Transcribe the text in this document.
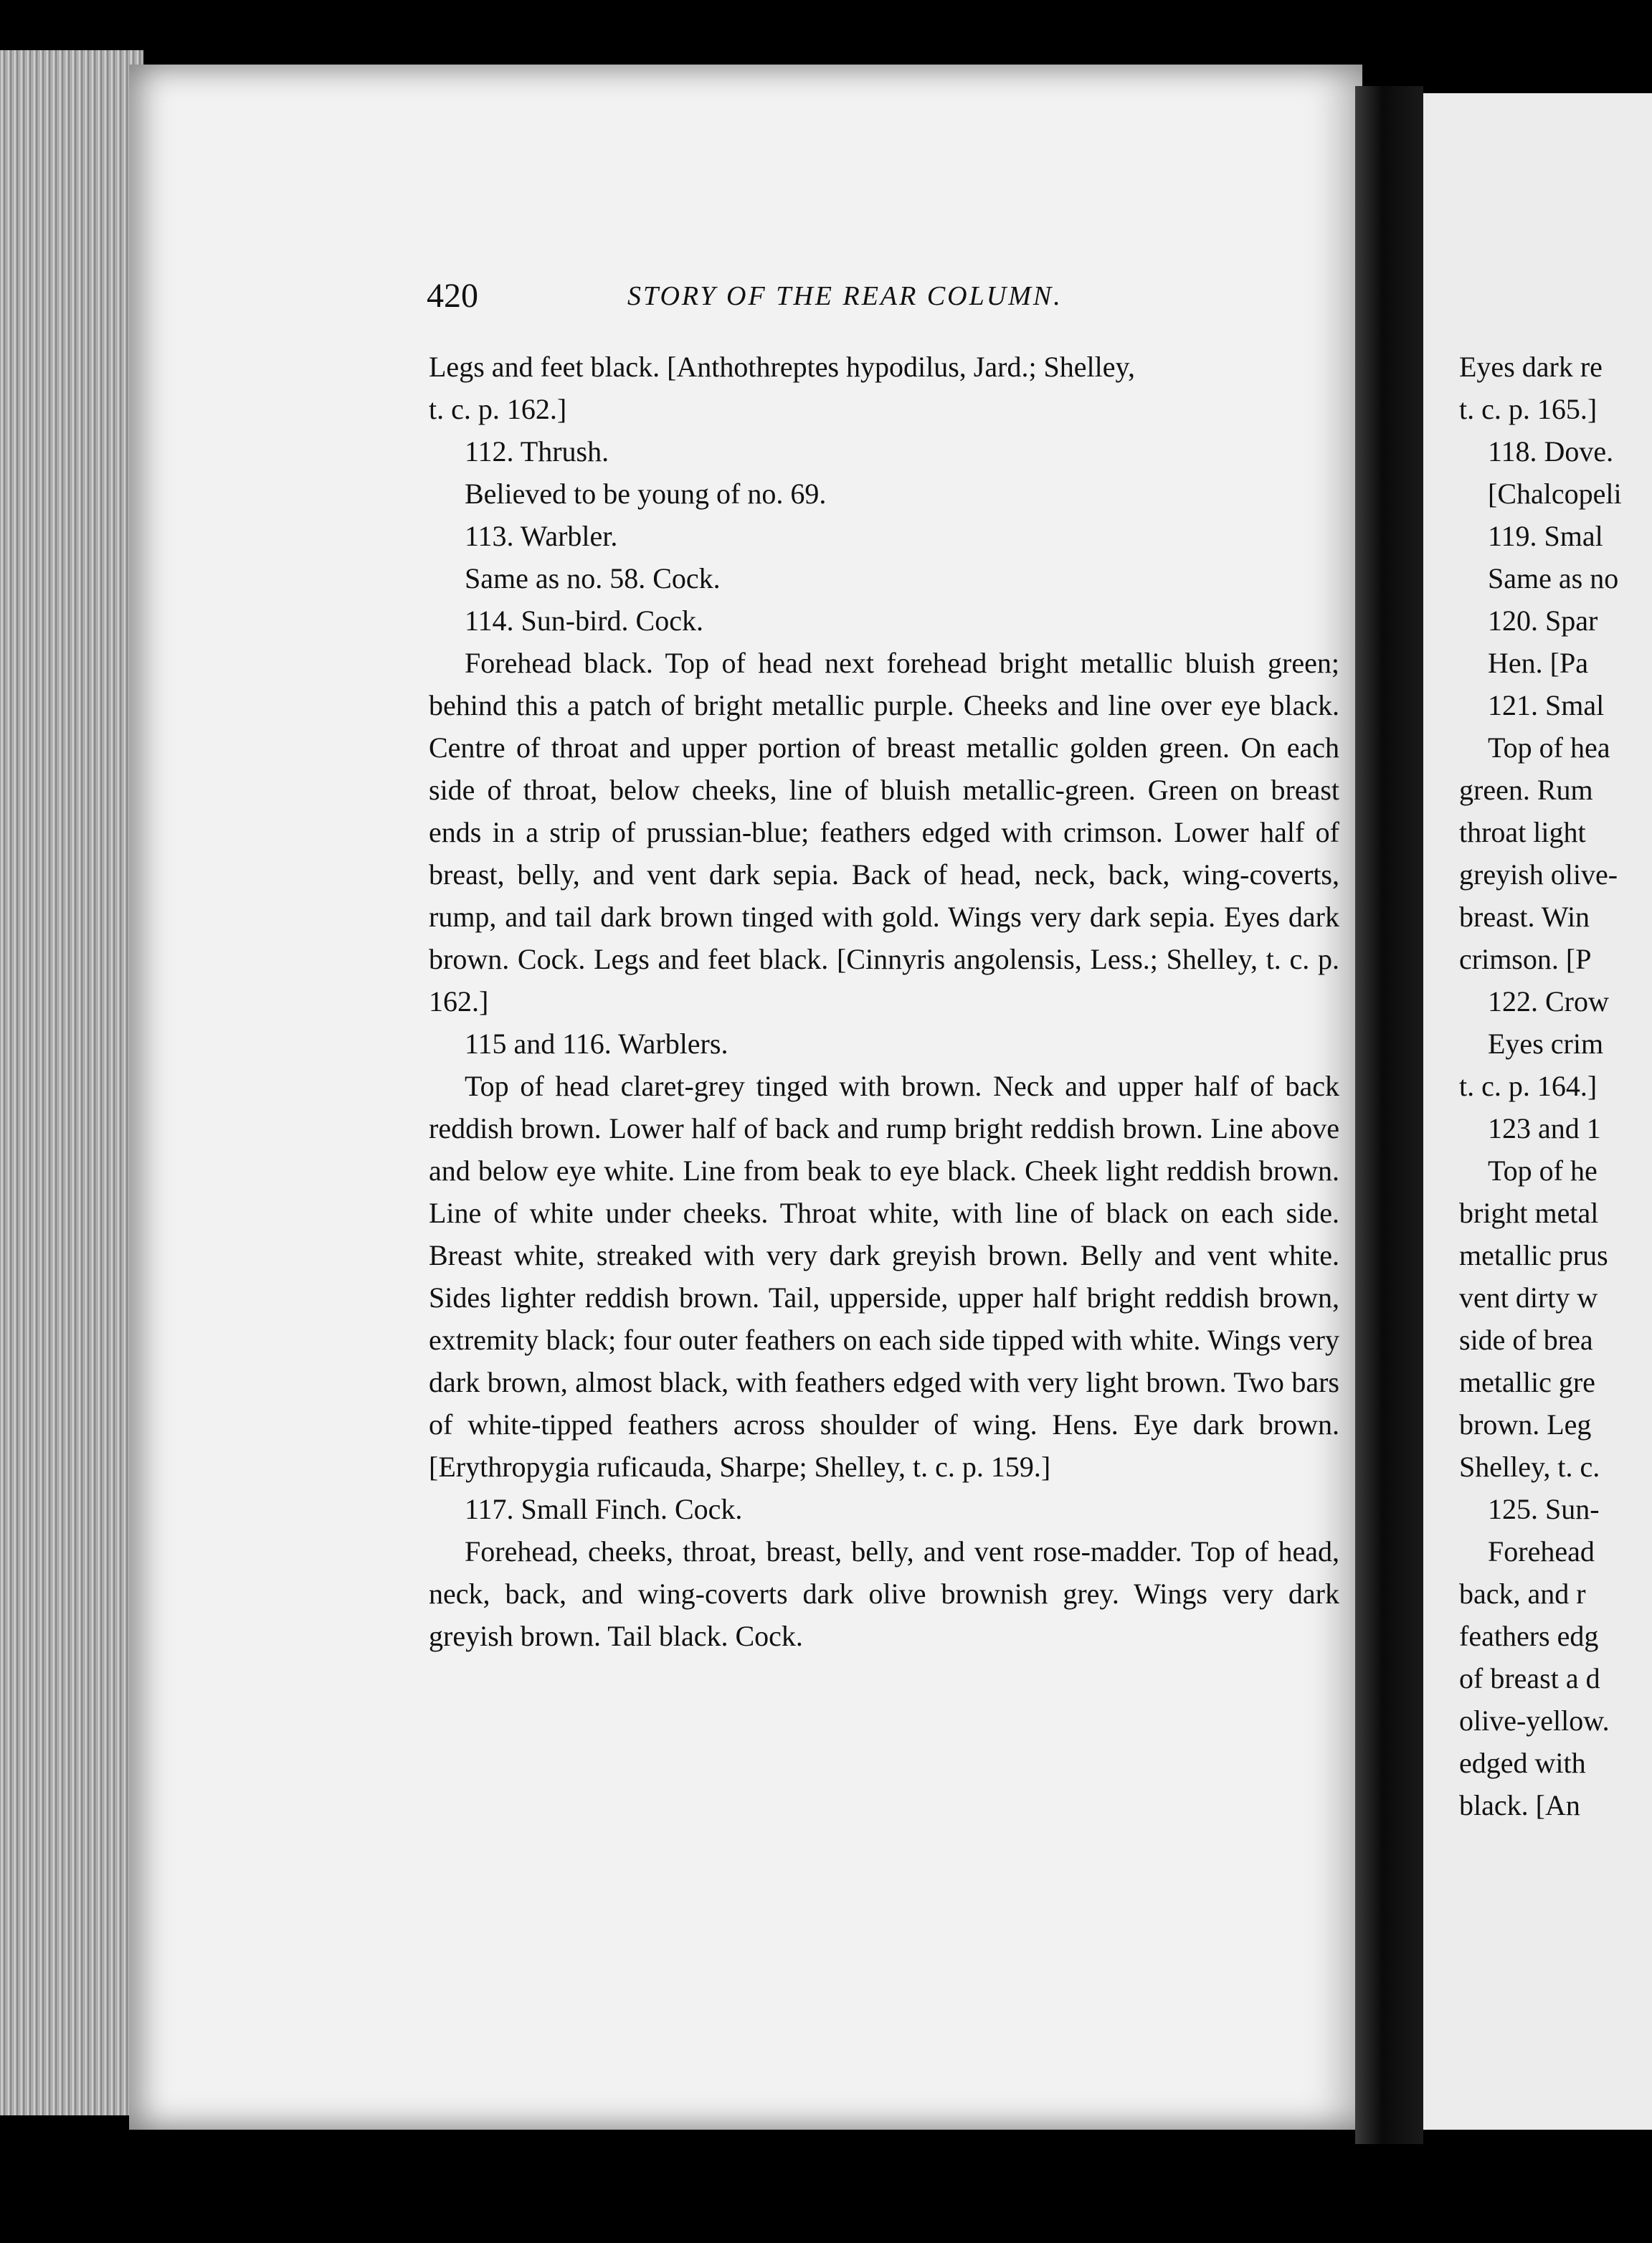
420	STORY OF THE REAR COLUMN.

Legs and feet black. [Anthothreptes hypodilus, Jard.; Shelley,

t. c. p. 162.]

112. Thrush.

Believed to be young of no. 69.

113. Warbler.

Same as no. 58. Cock.

114. Sun-bird. Cock.

Forehead black. Top of head next forehead bright metallic bluish green; behind this a patch of bright metallic purple. Cheeks and line over eye black. Centre of throat and upper portion of breast metallic golden green. On each side of throat, below cheeks, line of bluish metallic-green. Green on breast ends in a strip of prussian-blue; feathers edged with crimson. Lower half of breast, belly, and vent dark sepia. Back of head, neck, back, wing-coverts, rump, and tail dark brown tinged with gold. Wings very dark sepia. Eyes dark brown. Cock. Legs and feet black. [Cinnyris angolensis, Less.; Shelley, t. c. p. 162.]

115 and 116. Warblers.

Top of head claret-grey tinged with brown. Neck and upper half of back reddish brown. Lower half of back and rump bright reddish brown. Line above and below eye white. Line from beak to eye black. Cheek light reddish brown. Line of white under cheeks. Throat white, with line of black on each side. Breast white, streaked with very dark greyish brown. Belly and vent white. Sides lighter reddish brown. Tail, upperside, upper half bright reddish brown, extremity black; four outer feathers on each side tipped with white. Wings very dark brown, almost black, with feathers edged with very light brown. Two bars of white-tipped feathers across shoulder of wing. Hens. Eye dark brown. [Erythropygia ruficauda, Sharpe; Shelley, t. c. p. 159.]

117. Small Finch. Cock.

Forehead, cheeks, throat, breast, belly, and vent rose-madder. Top of head, neck, back, and wing-coverts dark olive brownish grey. Wings very dark greyish brown. Tail black. Cock.

Eyes dark re

t. c. p. 165.]

118. Dove.

[Chalcopeli

119. Smal

Same as no

120. Spar

Hen. [Pa

121. Smal

Top of hea

green. Rum

throat light

greyish olive-

breast. Win

crimson. [P

122. Crow

Eyes crim

t. c. p. 164.]

123 and 1

Top of he

bright metal

metallic prus

vent dirty w

side of brea

metallic gre

brown. Leg

Shelley, t. c.

125. Sun-

Forehead

back, and r

feathers edg

of breast a d

olive-yellow.

edged with

black. [An
